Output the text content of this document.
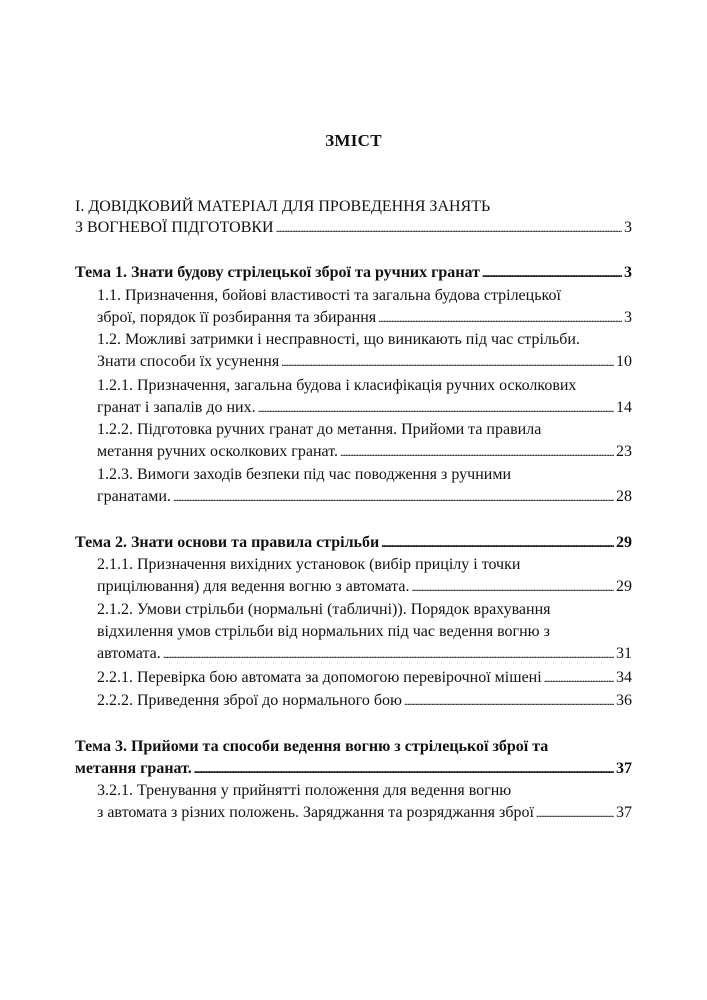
ЗМІСТ
І. ДОВІДКОВИЙ МАТЕРІАЛ ДЛЯ ПРОВЕДЕННЯ ЗАНЯТЬ
З ВОГНЕВОЇ ПІДГОТОВКИ . . .	3
Тема 1. Знати будову стрілецької зброї та ручних гранат . . .	3
1.1. Призначення, бойові властивості та загальна будова стрілецької
зброї, порядок її розбирання та збирання . . .	3
1.2. Можливі затримки і несправності, що виникають під час стрільби.
Знати способи їх усунення . . .	10
1.2.1. Призначення, загальна будова і класифікація ручних осколкових
гранат і запалів до них. . . .	14
1.2.2. Підготовка ручних гранат до метання. Прийоми та правила
метання ручних осколкових гранат. . . .	23
1.2.3. Вимоги заходів безпеки під час поводження з ручними
гранатами. . . .	28
Тема 2. Знати основи та правила стрільби . . .	29
2.1.1. Призначення вихідних установок (вибір прицілу і точки
прицілювання) для ведення вогню з автомата. . . .	29
2.1.2. Умови стрільби (нормальні (табличні)). Порядок врахування
відхилення умов стрільби від нормальних під час ведення вогню з
автомата. . . .	31
2.2.1. Перевірка бою автомата за допомогою перевірочної мішені . . .	34
2.2.2. Приведення зброї до нормального бою . . .	36
Тема 3. Прийоми та способи ведення вогню з стрілецької зброї та
метання гранат. . . .	37
3.2.1. Тренування у прийнятті положення для ведення вогню
з автомата з різних положень. Заряджання та розряджання зброї . . .	37
